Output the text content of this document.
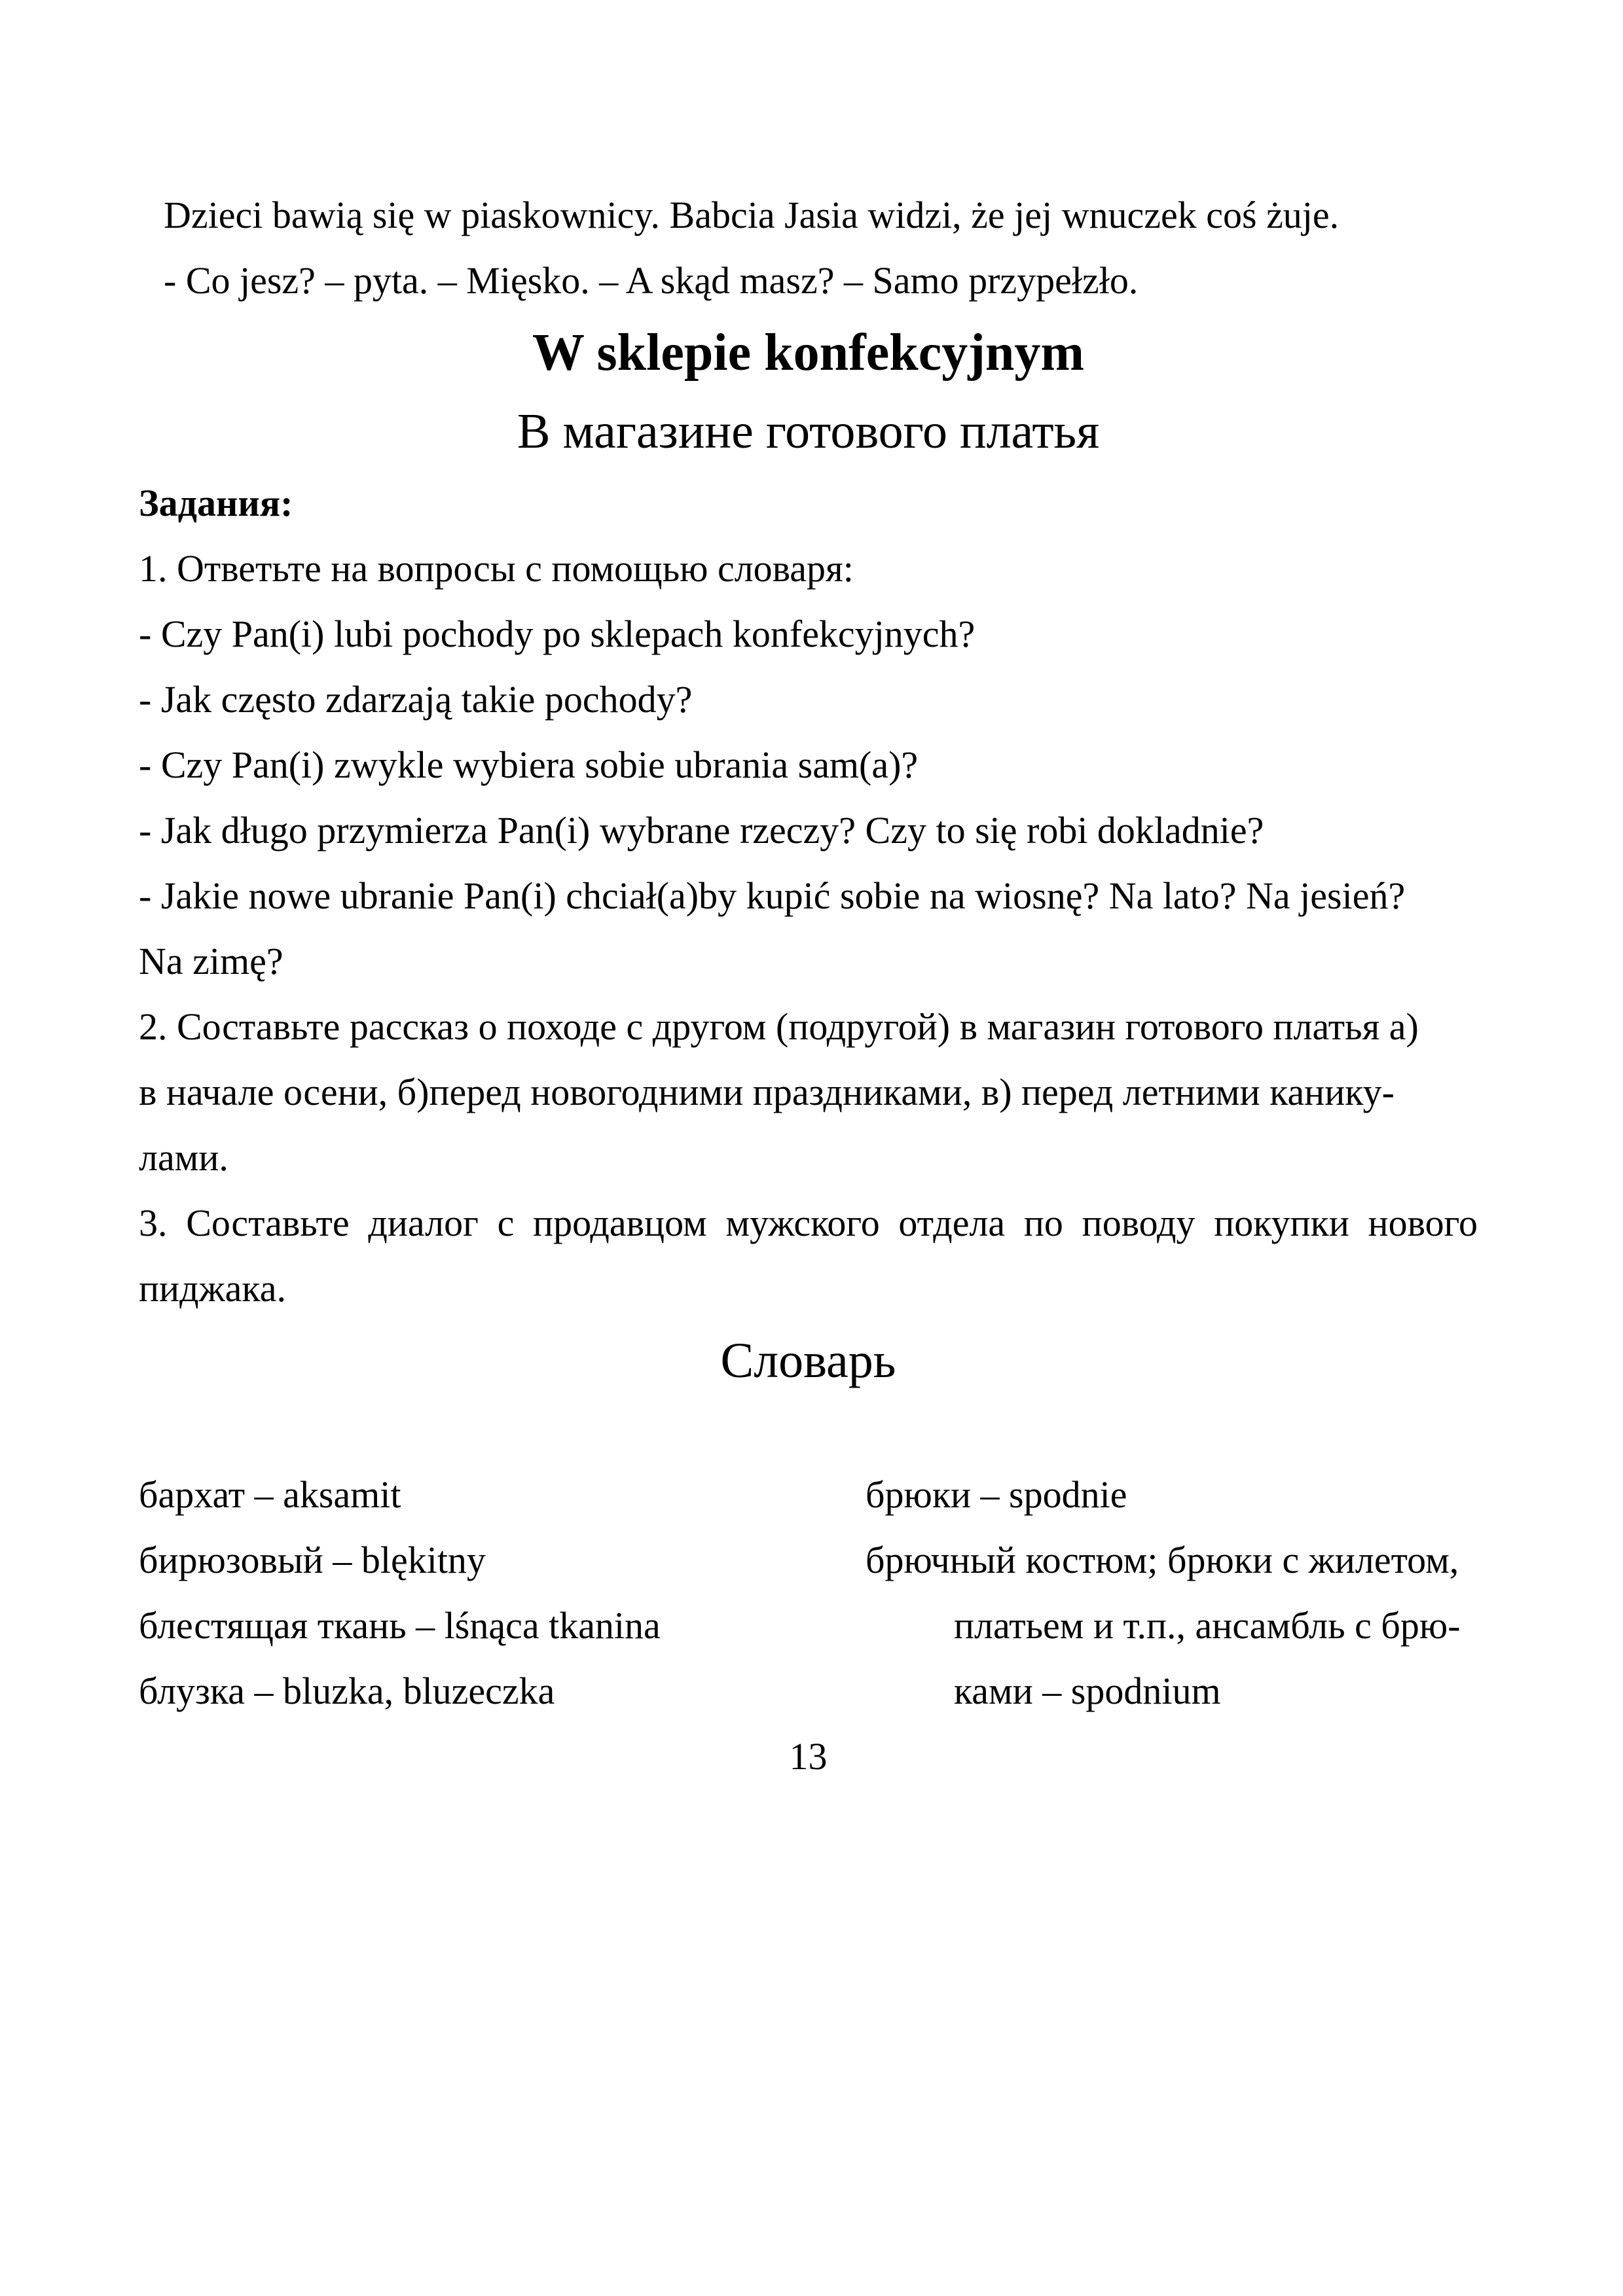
Dzieci bawią się w piaskownicy. Babcia Jasia widzi, że jej wnuczek coś żuje.

- Co jesz? – pyta. – Mięsko. – A skąd masz? – Samo przypełzło.

W sklepie konfekcyjnym

В магазине готового платья

Задания:

1. Ответьте на вопросы с помощью словаря:

- Czy Pan(i) lubi pochody po sklepach konfekcyjnych?

- Jak często zdarzają takie pochody?

- Czy Pan(i) zwykle wybiera sobie ubrania sam(a)?

- Jak długo przymierza Pan(i) wybrane rzeczy? Czy to się robi dokladnie?

- Jakie nowe ubranie Pan(i) chciał(a)by kupić sobie na wiosnę? Na lato? Na jesień?

Na zimę?

2. Составьте рассказ о походе с другом (подругой) в магазин готового платья а)

в начале осени, б)перед новогодними праздниками, в) перед летними канику-

лами.

3. Составьте диалог с продавцом мужского отдела по поводу покупки нового

пиджака.

Словарь

бархат – aksamit

бирюзовый – blękitny

блестящая ткань – lśnąca tkanina

блузка – bluzka, bluzeczka

брюки – spodnie

брючный костюм; брюки с жилетом,

платьем и т.п., ансамбль с брю-

ками – spodnium

13
